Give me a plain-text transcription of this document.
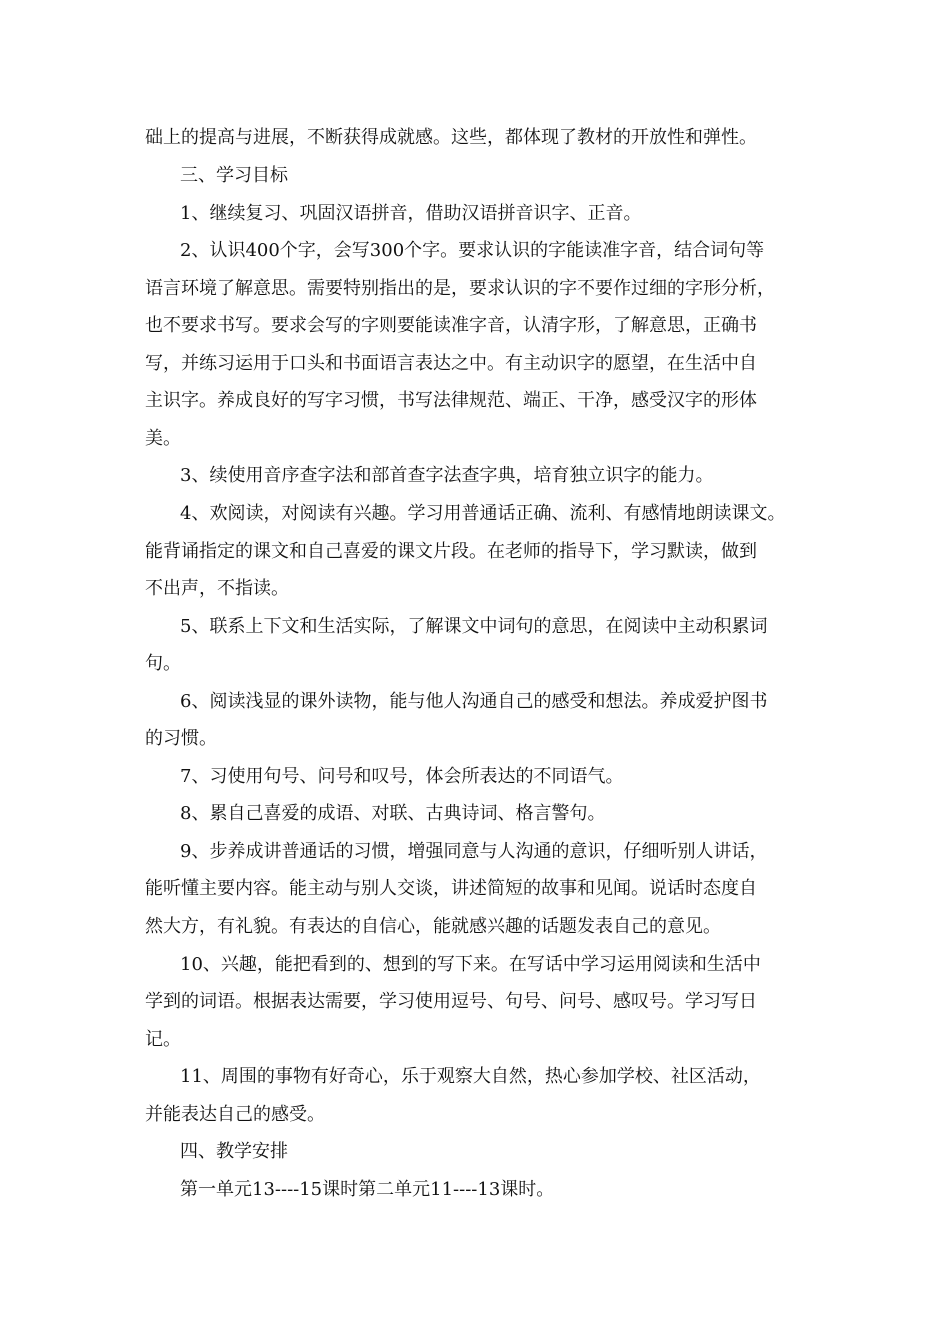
础上的提高与进展，不断获得成就感。这些，都体现了教材的开放性和弹性。
三、学习目标
1、继续复习、巩固汉语拼音，借助汉语拼音识字、正音。
2、认识400个字，会写300个字。要求认识的字能读准字音，结合词句等
语言环境了解意思。需要特别指出的是，要求认识的字不要作过细的字形分析，
也不要求书写。要求会写的字则要能读准字音，认清字形，了解意思，正确书
写，并练习运用于口头和书面语言表达之中。有主动识字的愿望，在生活中自
主识字。养成良好的写字习惯，书写法律规范、端正、干净，感受汉字的形体
美。
3、续使用音序查字法和部首查字法查字典，培育独立识字的能力。
4、欢阅读，对阅读有兴趣。学习用普通话正确、流利、有感情地朗读课文。
能背诵指定的课文和自己喜爱的课文片段。在老师的指导下，学习默读，做到
不出声，不指读。
5、联系上下文和生活实际，了解课文中词句的意思，在阅读中主动积累词
句。
6、阅读浅显的课外读物，能与他人沟通自己的感受和想法。养成爱护图书
的习惯。
7、习使用句号、问号和叹号，体会所表达的不同语气。
8、累自己喜爱的成语、对联、古典诗词、格言警句。
9、步养成讲普通话的习惯，增强同意与人沟通的意识，仔细听别人讲话，
能听懂主要内容。能主动与别人交谈，讲述简短的故事和见闻。说话时态度自
然大方，有礼貌。有表达的自信心，能就感兴趣的话题发表自己的意见。
10、兴趣，能把看到的、想到的写下来。在写话中学习运用阅读和生活中
学到的词语。根据表达需要，学习使用逗号、句号、问号、感叹号。学习写日
记。
11、周围的事物有好奇心，乐于观察大自然，热心参加学校、社区活动，
并能表达自己的感受。
四、教学安排
第一单元13----15课时第二单元11----13课时。
